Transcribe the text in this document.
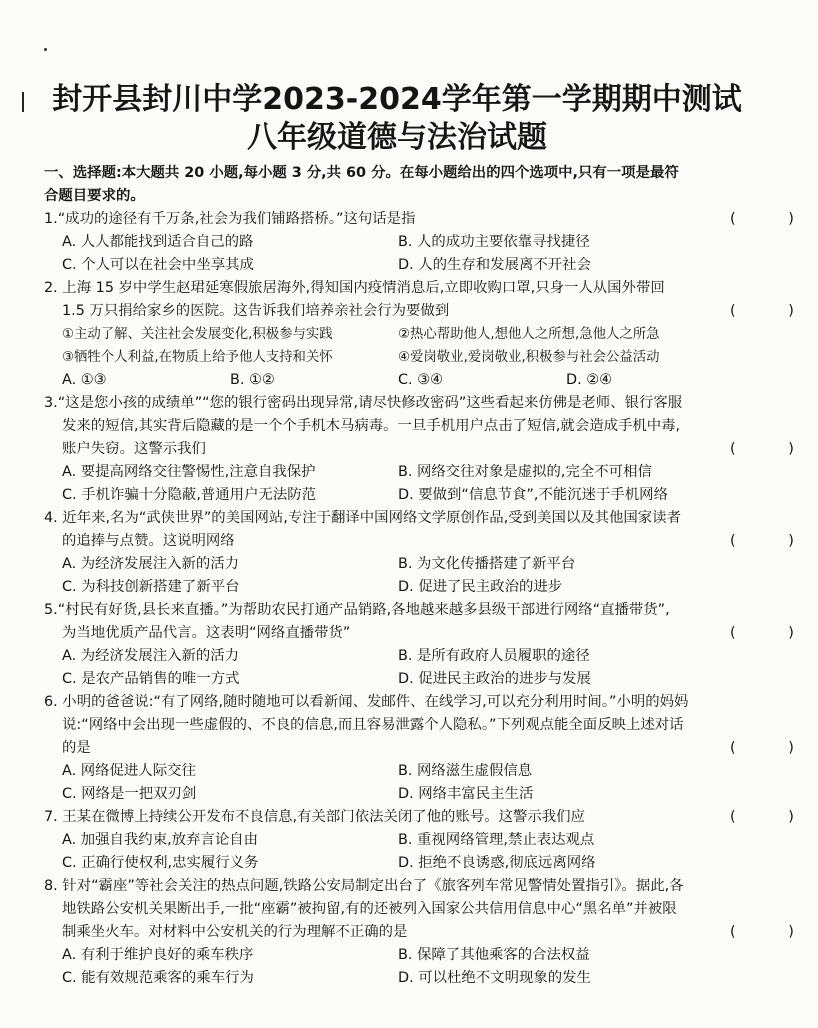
封开县封川中学2023-2024学年第一学期期中测试
八年级道德与法治试题
一、选择题:本大题共 20 小题,每小题 3 分,共 60 分。在每小题给出的四个选项中,只有一项是最符
合题目要求的。
1.“成功的途径有千万条,社会为我们铺路搭桥。”这句话是指	( )
A. 人人都能找到适合自己的路	B. 人的成功主要依靠寻找捷径
C. 个人可以在社会中坐享其成	D. 人的生存和发展离不开社会
2. 上海 15 岁中学生赵珺延寒假旅居海外,得知国内疫情消息后,立即收购口罩,只身一人从国外带回
1.5 万只捐给家乡的医院。这告诉我们培养亲社会行为要做到	( )
①主动了解、关注社会发展变化,积极参与实践	②热心帮助他人,想他人之所想,急他人之所急
③牺牲个人利益,在物质上给予他人支持和关怀	④爱岗敬业,爱岗敬业,积极参与社会公益活动
A. ①③	B. ①②	C. ③④	D. ②④
3.“这是您小孩的成绩单”“您的银行密码出现异常,请尽快修改密码”这些看起来仿佛是老师、银行客服
发来的短信,其实背后隐藏的是一个个手机木马病毒。一旦手机用户点击了短信,就会造成手机中毒,
账户失窃。这警示我们	( )
A. 要提高网络交往警惕性,注意自我保护	B. 网络交往对象是虚拟的,完全不可相信
C. 手机诈骗十分隐蔽,普通用户无法防范	D. 要做到“信息节食”,不能沉迷于手机网络
4. 近年来,名为“武侠世界”的美国网站,专注于翻译中国网络文学原创作品,受到美国以及其他国家读者
的追捧与点赞。这说明网络	( )
A. 为经济发展注入新的活力	B. 为文化传播搭建了新平台
C. 为科技创新搭建了新平台	D. 促进了民主政治的进步
5.“村民有好货,县长来直播。”为帮助农民打通产品销路,各地越来越多县级干部进行网络“直播带货”,
为当地优质产品代言。这表明“网络直播带货”	( )
A. 为经济发展注入新的活力	B. 是所有政府人员履职的途径
C. 是农产品销售的唯一方式	D. 促进民主政治的进步与发展
6. 小明的爸爸说:“有了网络,随时随地可以看新闻、发邮件、在线学习,可以充分利用时间。”小明的妈妈
说:“网络中会出现一些虚假的、不良的信息,而且容易泄露个人隐私。”下列观点能全面反映上述对话
的是	( )
A. 网络促进人际交往	B. 网络滋生虚假信息
C. 网络是一把双刃剑	D. 网络丰富民主生活
7. 王某在微博上持续公开发布不良信息,有关部门依法关闭了他的账号。这警示我们应	( )
A. 加强自我约束,放弃言论自由	B. 重视网络管理,禁止表达观点
C. 正确行使权利,忠实履行义务	D. 拒绝不良诱惑,彻底远离网络
8. 针对“霸座”等社会关注的热点问题,铁路公安局制定出台了《旅客列车常见警情处置指引》。据此,各
地铁路公安机关果断出手,一批“座霸”被拘留,有的还被列入国家公共信用信息中心“黑名单”并被限
制乘坐火车。对材料中公安机关的行为理解不正确的是	( )
A. 有利于维护良好的乘车秩序	B. 保障了其他乘客的合法权益
C. 能有效规范乘客的乘车行为	D. 可以杜绝不文明现象的发生
